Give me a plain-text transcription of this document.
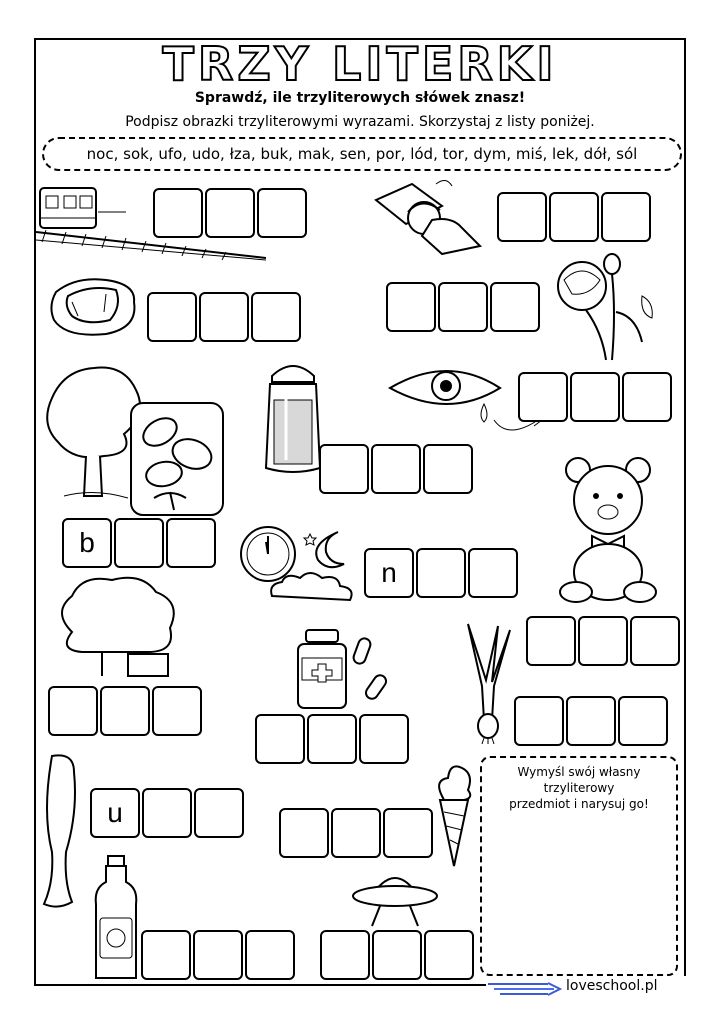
TRZY LITERKI
Sprawdź, ile trzyliterowych słówek znasz!
Podpisz obrazki trzyliterowymi wyrazami. Skorzystaj z listy poniżej.
noc, sok, ufo, udo, łza, buk, mak, sen, por, lód, tor, dym, miś, lek, dół, sól
b
n
u
Wymyśl swój własny
trzyliterowy
przedmiot i narysuj go!
loveschool.pl
